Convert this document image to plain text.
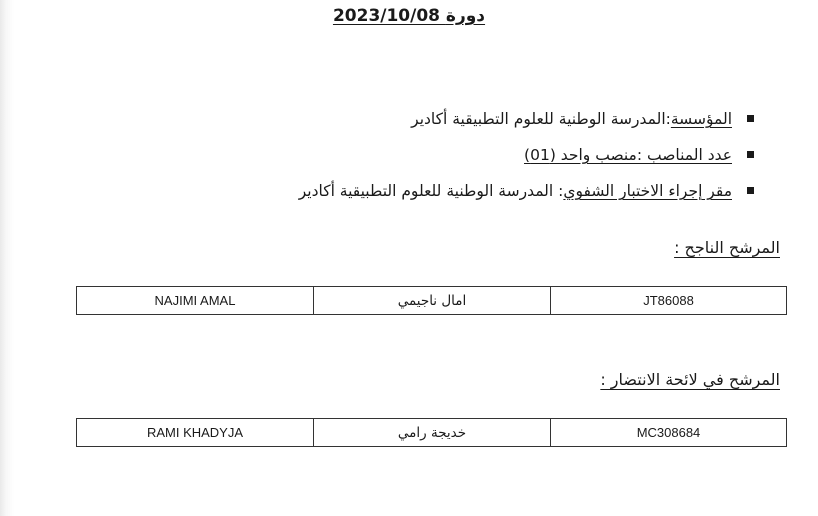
دورة 2023/10/08
المؤسسة:المدرسة الوطنية للعلوم التطبيقية أكادير
عدد المناصب :منصب واحد (01)
مقر إجراء الاختبار الشفوي: المدرسة الوطنية للعلوم التطبيقية أكادير
المرشح الناجح :
NAJIMI AMAL	امال ناجيمي	JT86088
المرشح في لائحة الانتضار :
RAMI KHADYJA	خديجة رامي	MC308684
